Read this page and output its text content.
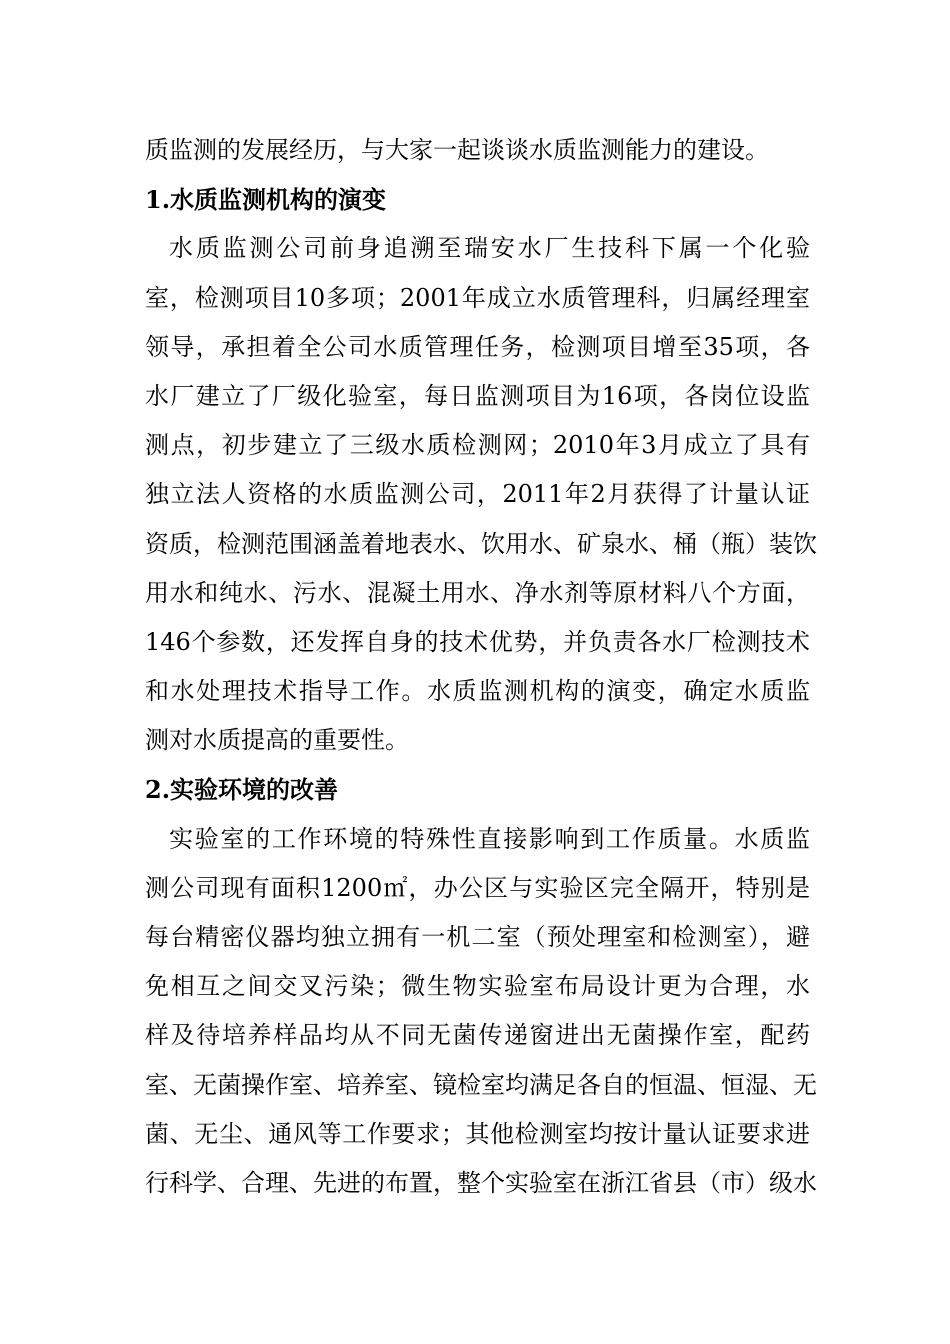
质监测的发展经历，与大家一起谈谈水质监测能力的建设。
1.水质监测机构的演变
水质监测公司前身追溯至瑞安水厂生技科下属一个化验
室，检测项目10多项；2001年成立水质管理科，归属经理室
领导，承担着全公司水质管理任务，检测项目增至35项，各
水厂建立了厂级化验室，每日监测项目为16项，各岗位设监
测点，初步建立了三级水质检测网；2010年3月成立了具有
独立法人资格的水质监测公司，2011年2月获得了计量认证
资质，检测范围涵盖着地表水、饮用水、矿泉水、桶（瓶）装饮
用水和纯水、污水、混凝土用水、净水剂等原材料八个方面，
146个参数，还发挥自身的技术优势，并负责各水厂检测技术
和水处理技术指导工作。水质监测机构的演变，确定水质监
测对水质提高的重要性。
2.实验环境的改善
实验室的工作环境的特殊性直接影响到工作质量。水质监
测公司现有面积1200㎡，办公区与实验区完全隔开，特别是
每台精密仪器均独立拥有一机二室（预处理室和检测室），避
免相互之间交叉污染；微生物实验室布局设计更为合理，水
样及待培养样品均从不同无菌传递窗进出无菌操作室，配药
室、无菌操作室、培养室、镜检室均满足各自的恒温、恒湿、无
菌、无尘、通风等工作要求；其他检测室均按计量认证要求进
行科学、合理、先进的布置，整个实验室在浙江省县（市）级水
